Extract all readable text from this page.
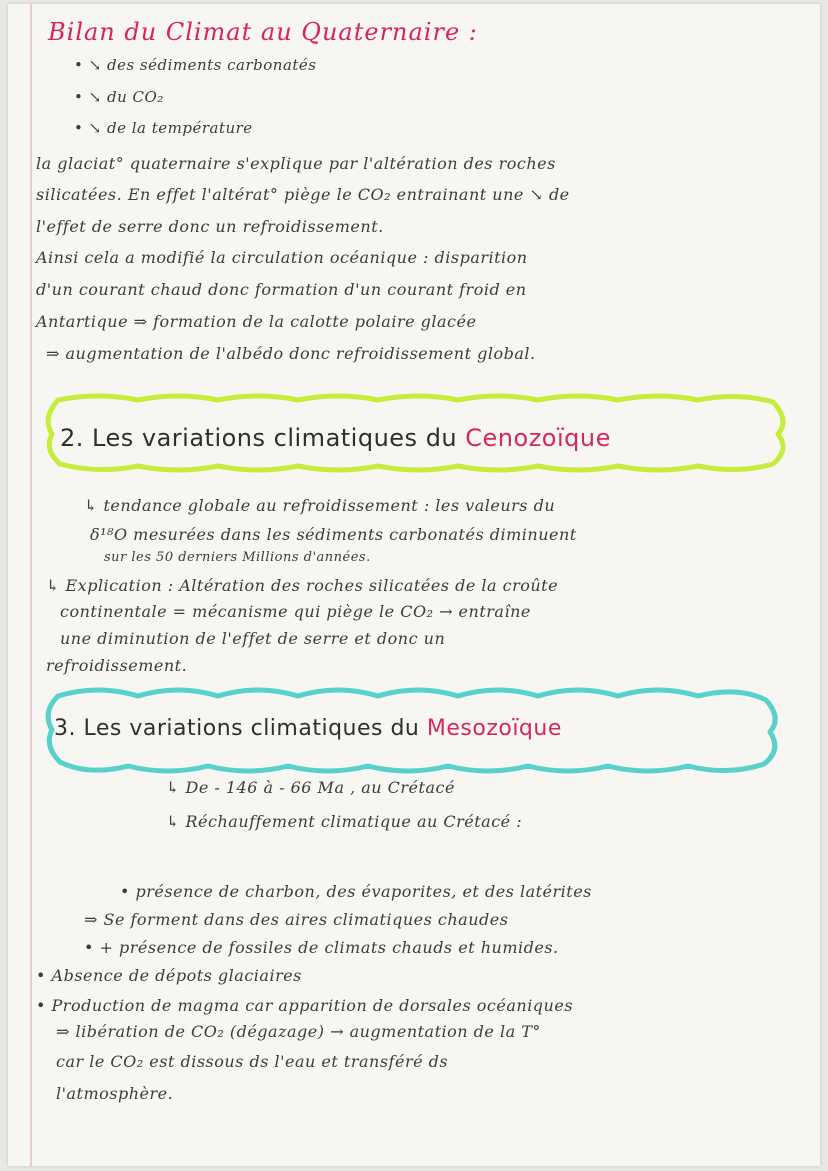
Bilan du Climat au Quaternaire :
• ↘ des sédiments carbonatés
• ↘ du CO₂
• ↘ de la température
la glaciat° quaternaire s'explique par l'altération des roches
silicatées. En effet l'altérat° piège le CO₂ entrainant une ↘ de
l'effet de serre donc un refroidissement.
Ainsi cela a modifié la circulation océanique : disparition
d'un courant chaud donc formation d'un courant froid en
Antartique ⇒ formation de la calotte polaire glacée
⇒ augmentation de l'albédo donc refroidissement global.
2. Les variations climatiques du Cenozoïque
↳ tendance globale au refroidissement : les valeurs du
δ¹⁸O mesurées dans les sédiments carbonatés diminuent
sur les 50 derniers Millions d'années.
↳ Explication : Altération des roches silicatées de la croûte
continentale = mécanisme qui piège le CO₂ → entraîne
une diminution de l'effet de serre et donc un
refroidissement.
3. Les variations climatiques du Mesozoïque
↳ De - 146 à - 66 Ma , au Crétacé
↳ Réchauffement climatique au Crétacé :
• présence de charbon, des évaporites, et des latérites
⇒ Se forment dans des aires climatiques chaudes
• + présence de fossiles de climats chauds et humides.
• Absence de dépots glaciaires
• Production de magma car apparition de dorsales océaniques
⇒ libération de CO₂ (dégazage) → augmentation de la T°
car le CO₂ est dissous ds l'eau et transféré ds
l'atmosphère.
